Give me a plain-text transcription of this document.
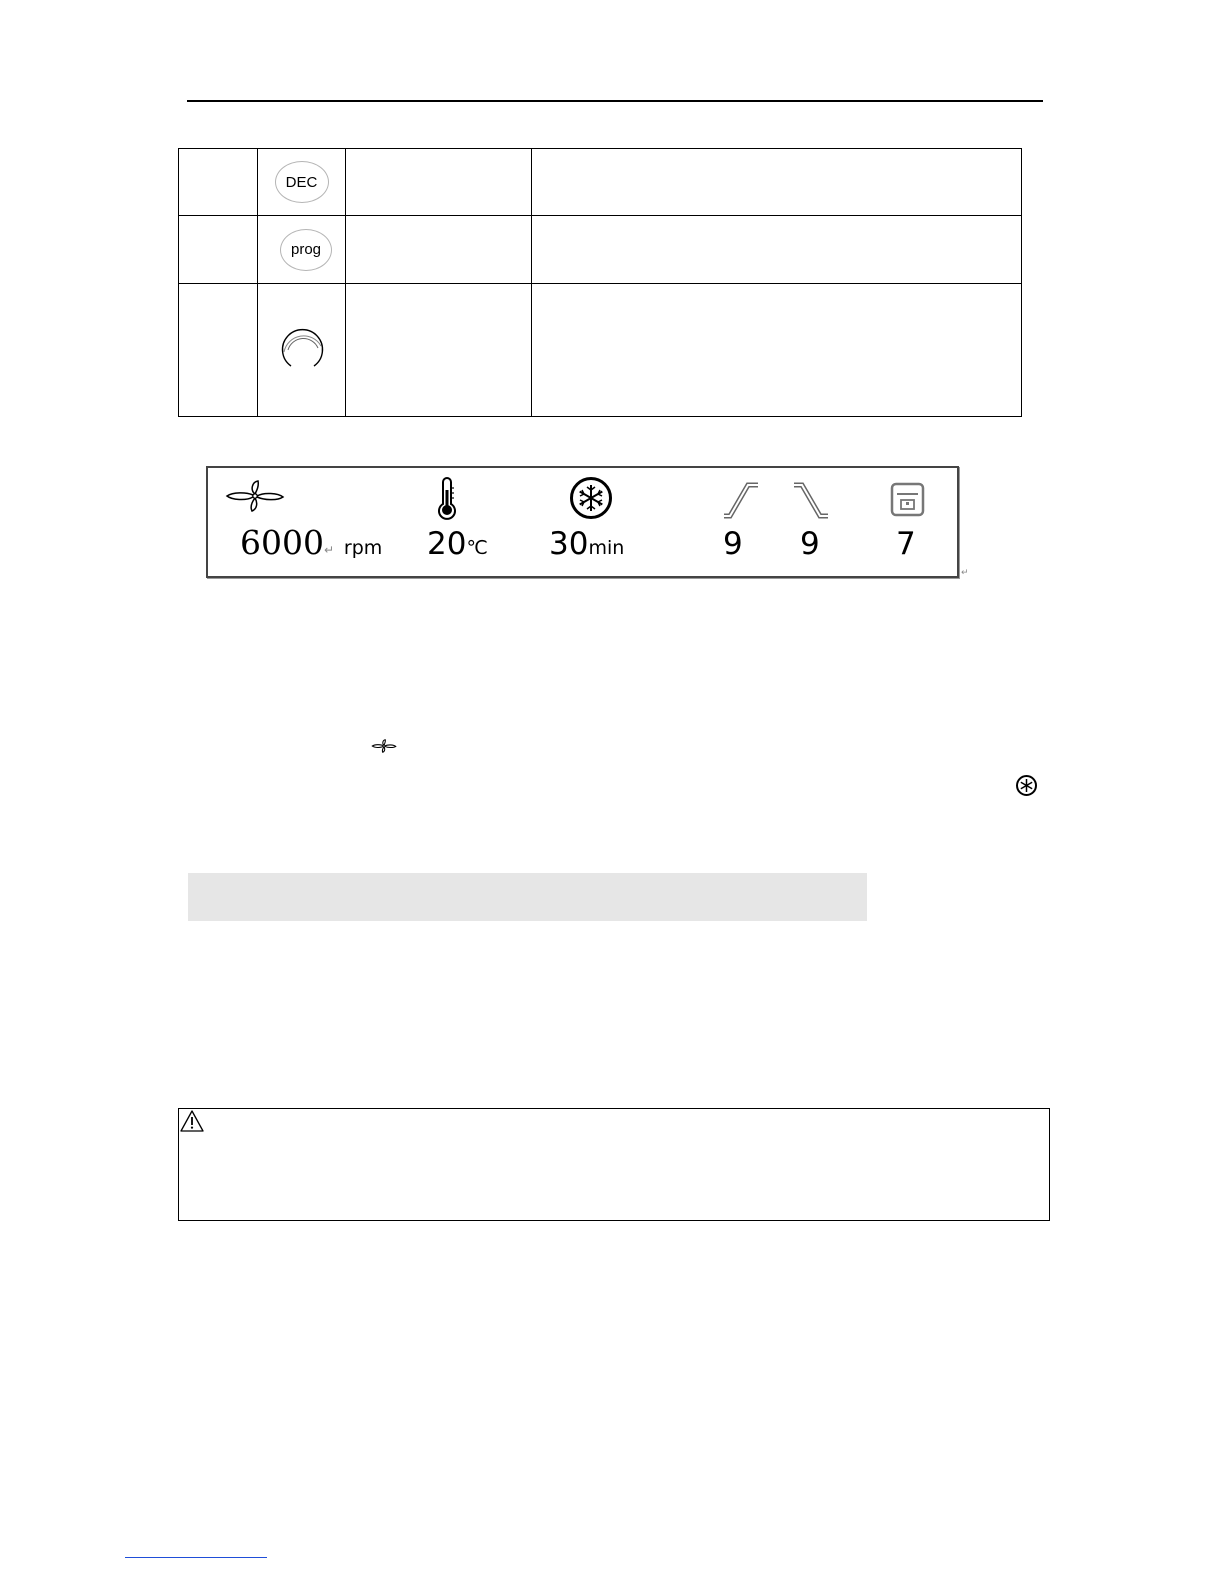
DEC		

prog		

6000↵ rpm 20℃ 30min	9 9 7
↵
